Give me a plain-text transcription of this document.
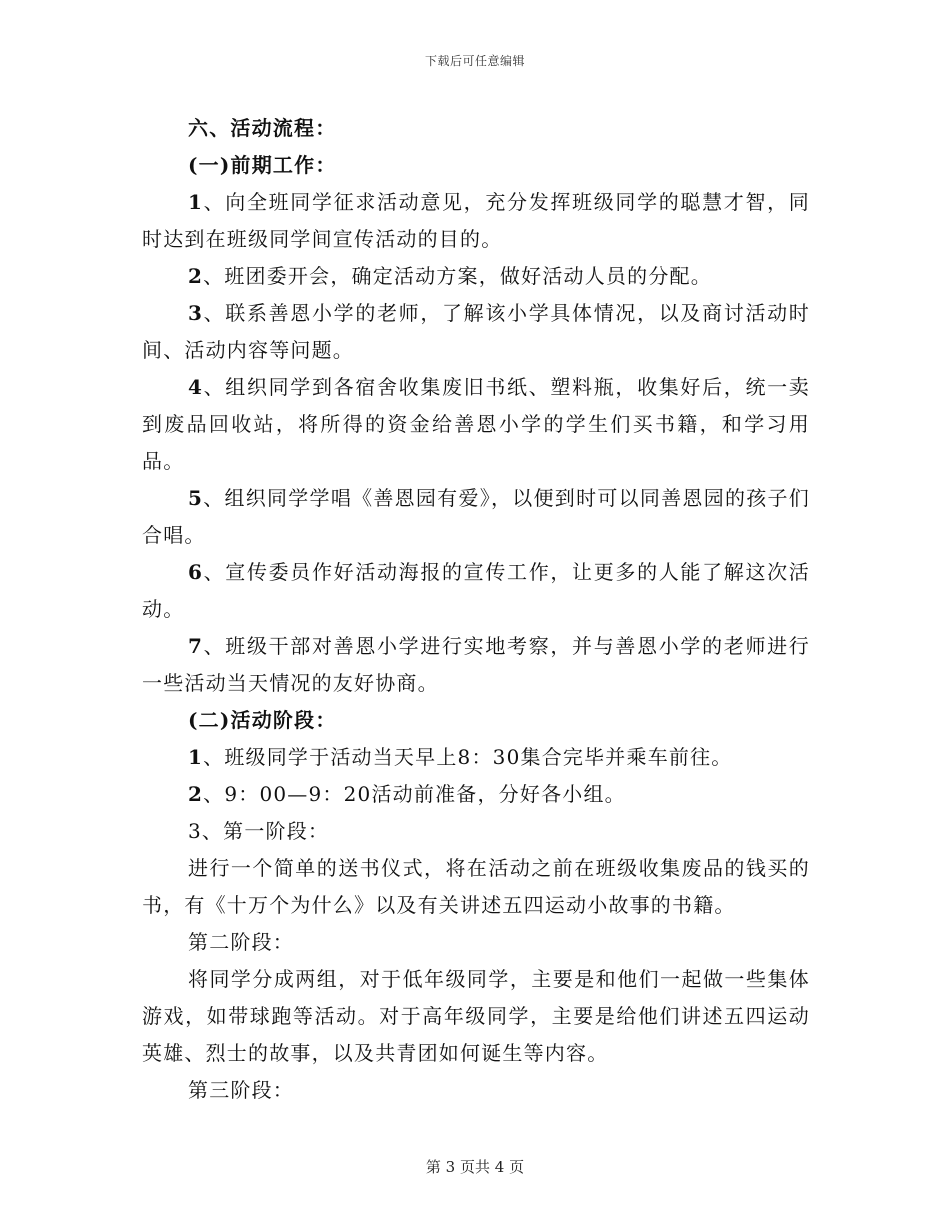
下载后可任意编辑

六、活动流程：

(一)前期工作：

1、向全班同学征求活动意见，充分发挥班级同学的聪慧才智，同时达到在班级同学间宣传活动的目的。

2、班团委开会，确定活动方案，做好活动人员的分配。

3、联系善恩小学的老师，了解该小学具体情况，以及商讨活动时间、活动内容等问题。

4、组织同学到各宿舍收集废旧书纸、塑料瓶，收集好后，统一卖到废品回收站，将所得的资金给善恩小学的学生们买书籍，和学习用品。

5、组织同学学唱《善恩园有爱》，以便到时可以同善恩园的孩子们合唱。

6、宣传委员作好活动海报的宣传工作，让更多的人能了解这次活动。

7、班级干部对善恩小学进行实地考察，并与善恩小学的老师进行一些活动当天情况的友好协商。

(二)活动阶段：

1、班级同学于活动当天早上8：30集合完毕并乘车前往。

2、9：00—9：20活动前准备，分好各小组。

3、第一阶段：

进行一个简单的送书仪式，将在活动之前在班级收集废品的钱买的书，有《十万个为什么》以及有关讲述五四运动小故事的书籍。

第二阶段：

将同学分成两组，对于低年级同学，主要是和他们一起做一些集体游戏，如带球跑等活动。对于高年级同学，主要是给他们讲述五四运动英雄、烈士的故事，以及共青团如何诞生等内容。

第三阶段：

第 3 页共 4 页
